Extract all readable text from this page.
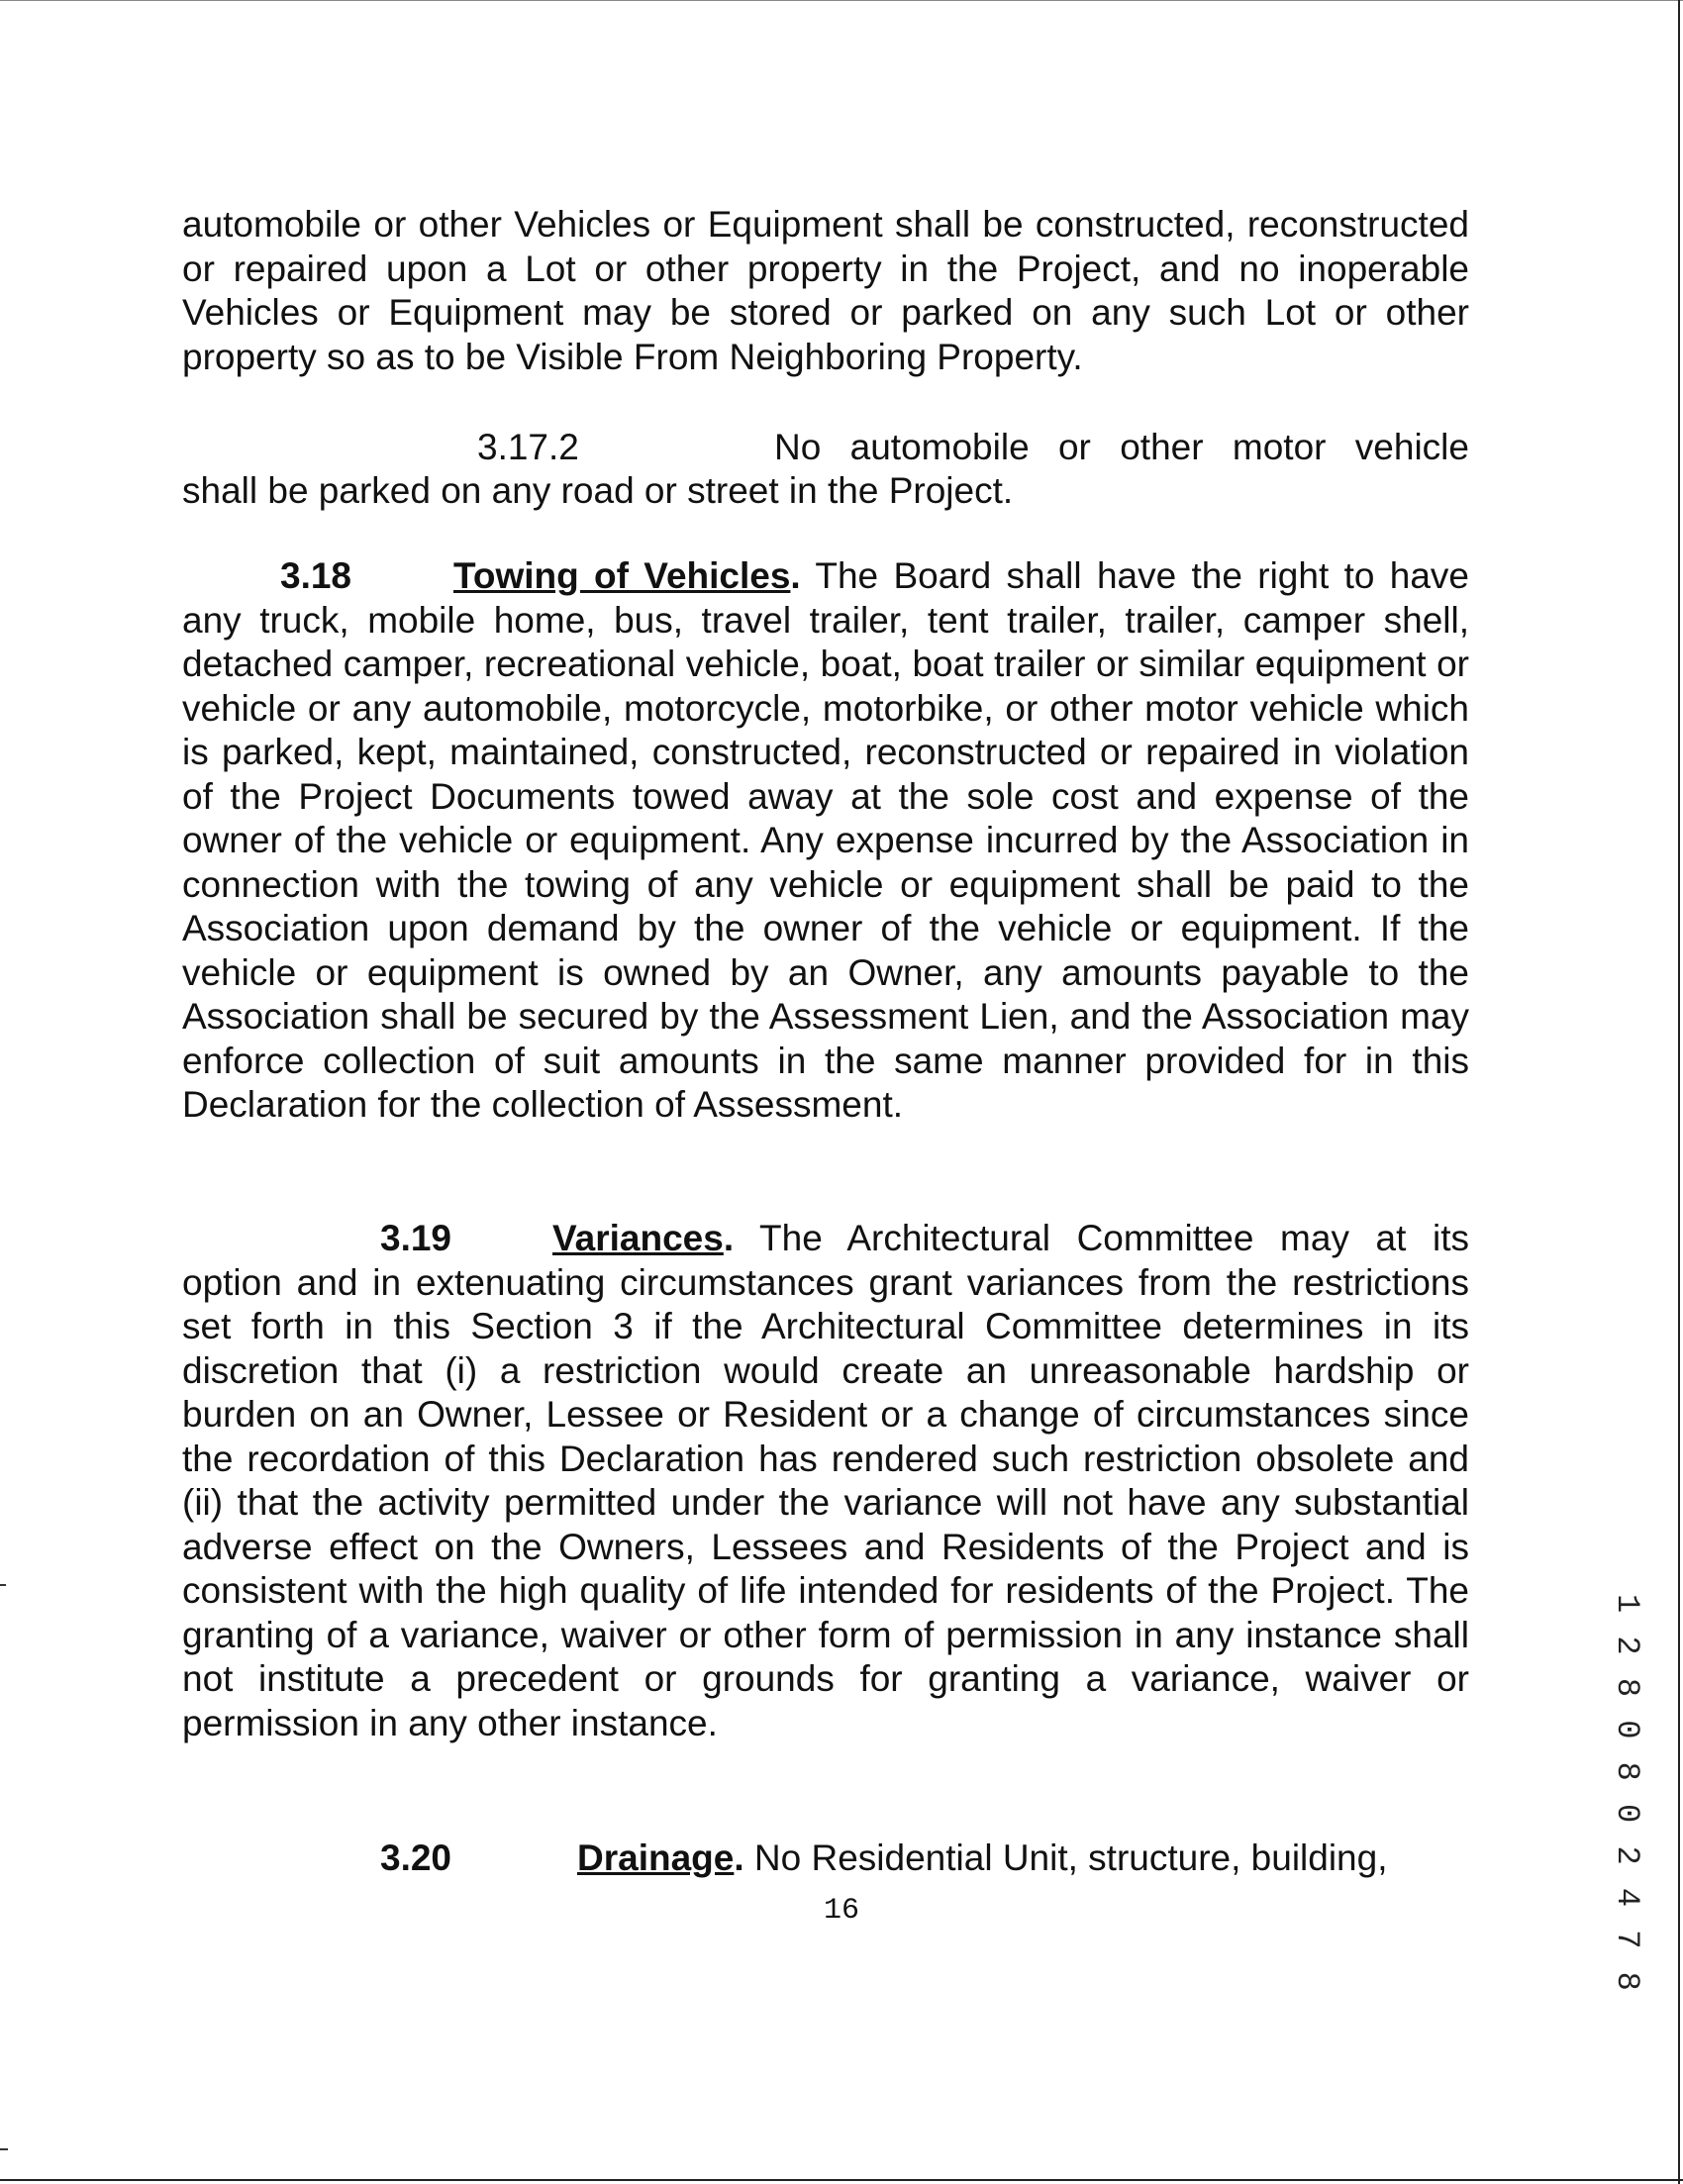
automobile or other Vehicles or Equipment shall be constructed, reconstructed or repaired upon a Lot or other property in the Project, and no inoperable Vehicles or Equipment may be stored or parked on any such Lot or other property so as to be Visible From Neighboring Property.

3.17.2	No automobile or other motor vehicle
shall be parked on any road or street in the Project.
3.18	Towing of Vehicles. The Board shall have the right to have any truck, mobile home, bus, travel trailer, tent trailer, trailer, camper shell, detached camper, recreational vehicle, boat, boat trailer or similar equipment or vehicle or any automobile, motorcycle, motorbike, or other motor vehicle which is parked, kept, maintained, constructed, reconstructed or repaired in violation of the Project Documents towed away at the sole cost and expense of the owner of the vehicle or equipment. Any expense incurred by the Association in connection with the towing of any vehicle or equipment shall be paid to the Association upon demand by the owner of the vehicle or equipment. If the vehicle or equipment is owned by an Owner, any amounts payable to the Association shall be secured by the Assessment Lien, and the Association may enforce collection of suit amounts in the same manner provided for in this Declaration for the collection of Assessment.
3.19	Variances. The Architectural Committee may at its option and in extenuating circumstances grant variances from the restrictions set forth in this Section 3 if the Architectural Committee determines in its discretion that (i) a restriction would create an unreasonable hardship or burden on an Owner, Lessee or Resident or a change of circumstances since the recordation of this Declaration has rendered such restriction obsolete and (ii) that the activity permitted under the variance will not have any substantial adverse effect on the Owners, Lessees and Residents of the Project and is consistent with the high quality of life intended for residents of the Project. The granting of a variance, waiver or other form of permission in any instance shall not institute a precedent or grounds for granting a variance, waiver or permission in any other instance.
3.20	Drainage. No Residential Unit, structure, building,
16	1 2 8 0 8 0 2 4 7 8
